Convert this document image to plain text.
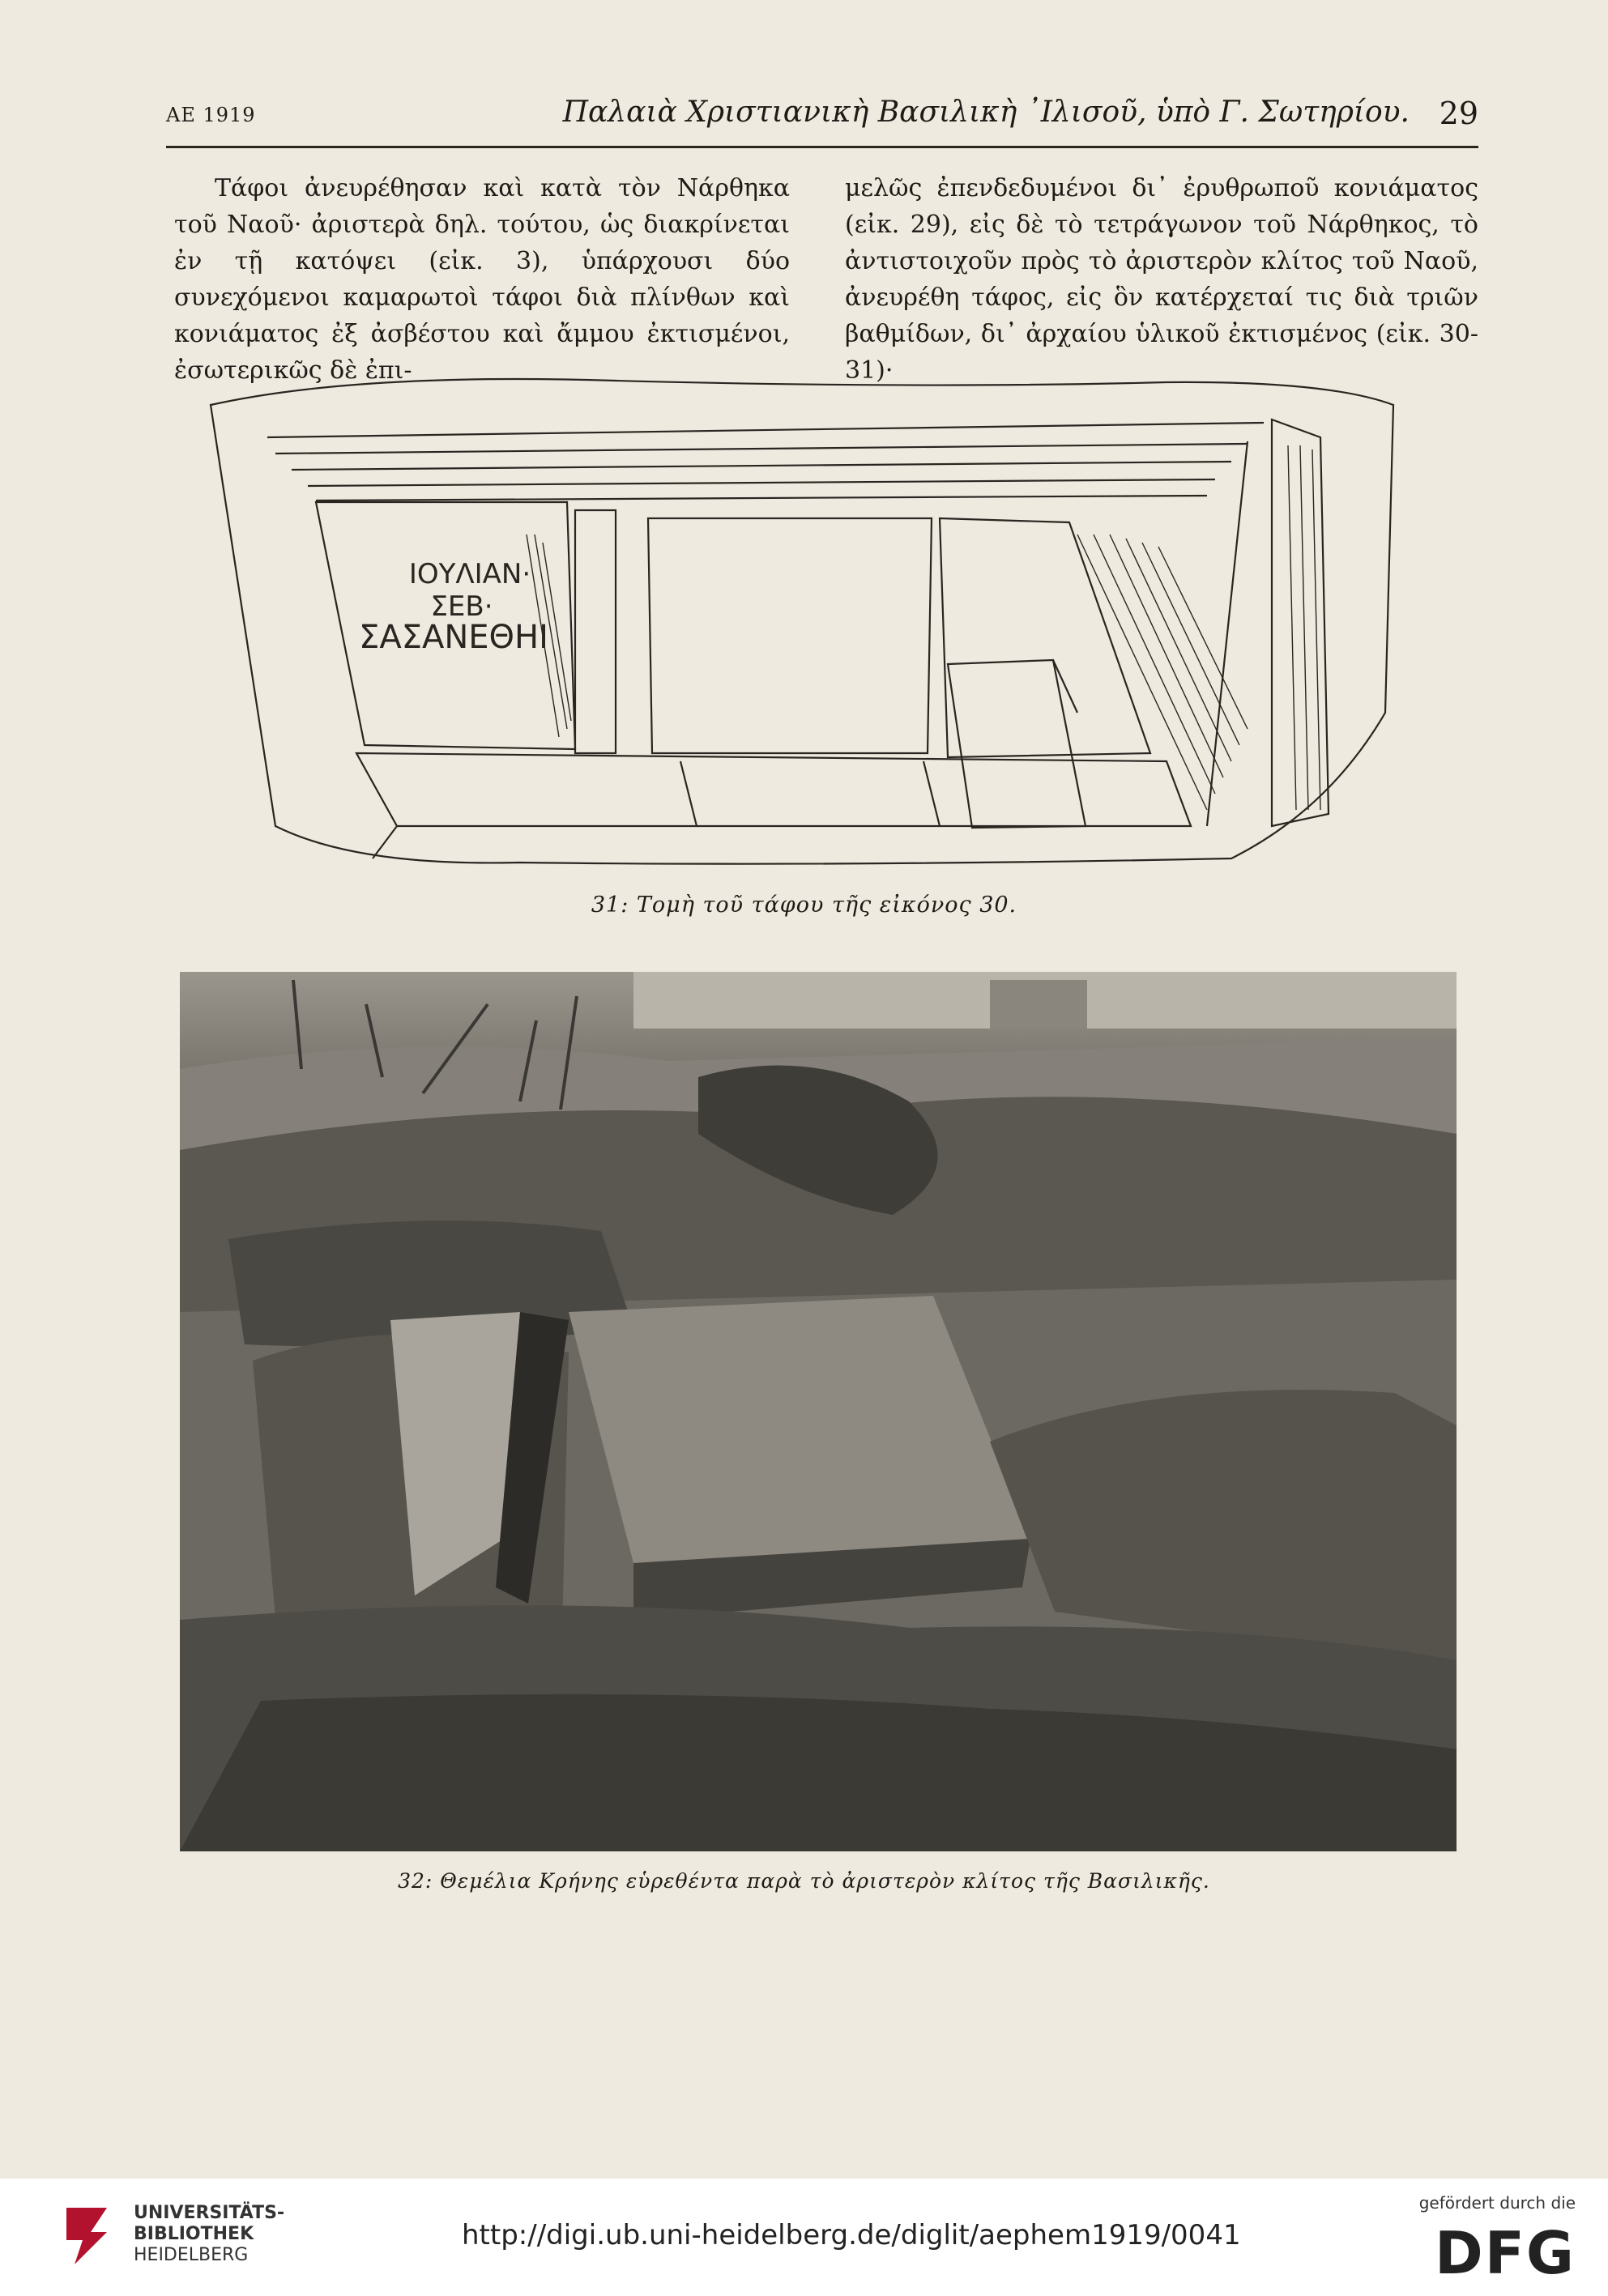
ΑΕ 1919	Παλαιὰ Χριστιανικὴ Βασιλικὴ ᾿Ιλισοῦ, ὑπὸ Γ. Σωτηρίου. 29

Τάφοι ἀνευρέθησαν καὶ κατὰ τὸν Νάρθηκα τοῦ Ναοῦ· ἀριστερὰ δηλ. τούτου, ὡς διακρίνεται ἐν τῇ κατόψει (εἰκ. 3), ὑπάρχουσι δύο συνεχόμενοι καμαρωτοὶ τάφοι διὰ πλίνθων καὶ κονιάματος ἐξ ἀσβέστου καὶ ἄμμου ἐκτισμένοι, ἐσωτερικῶς δὲ ἐπι-

μελῶς ἐπενδεδυμένοι δι᾿ ἐρυθρωποῦ κονιάματος (εἰκ. 29), εἰς δὲ τὸ τετράγωνον τοῦ Νάρθηκος, τὸ ἀντιστοιχοῦν πρὸς τὸ ἀριστερὸν κλίτος τοῦ Ναοῦ, ἀνευρέθη τάφος, εἰς ὃν κατέρχεταί τις διὰ τριῶν βαθμίδων, δι᾿ ἀρχαίου ὑλικοῦ ἐκτισμένος (εἰκ. 30-31)·

ΙΟΥΛΙΑΝ·
ΣΕΒ·
ΣΑΣΑΝΕΘΗΙ
31: Τομὴ τοῦ τάφου τῆς εἰκόνος 30.
32: Θεμέλια Κρήνης εὑρεθέντα παρὰ τὸ ἀριστερὸν κλίτος τῆς Βασιλικῆς.
UNIVERSITÄTS-
BIBLIOTHEK
HEIDELBERG
http://digi.ub.uni-heidelberg.de/diglit/aephem1919/0041
gefördert durch die
DFG
